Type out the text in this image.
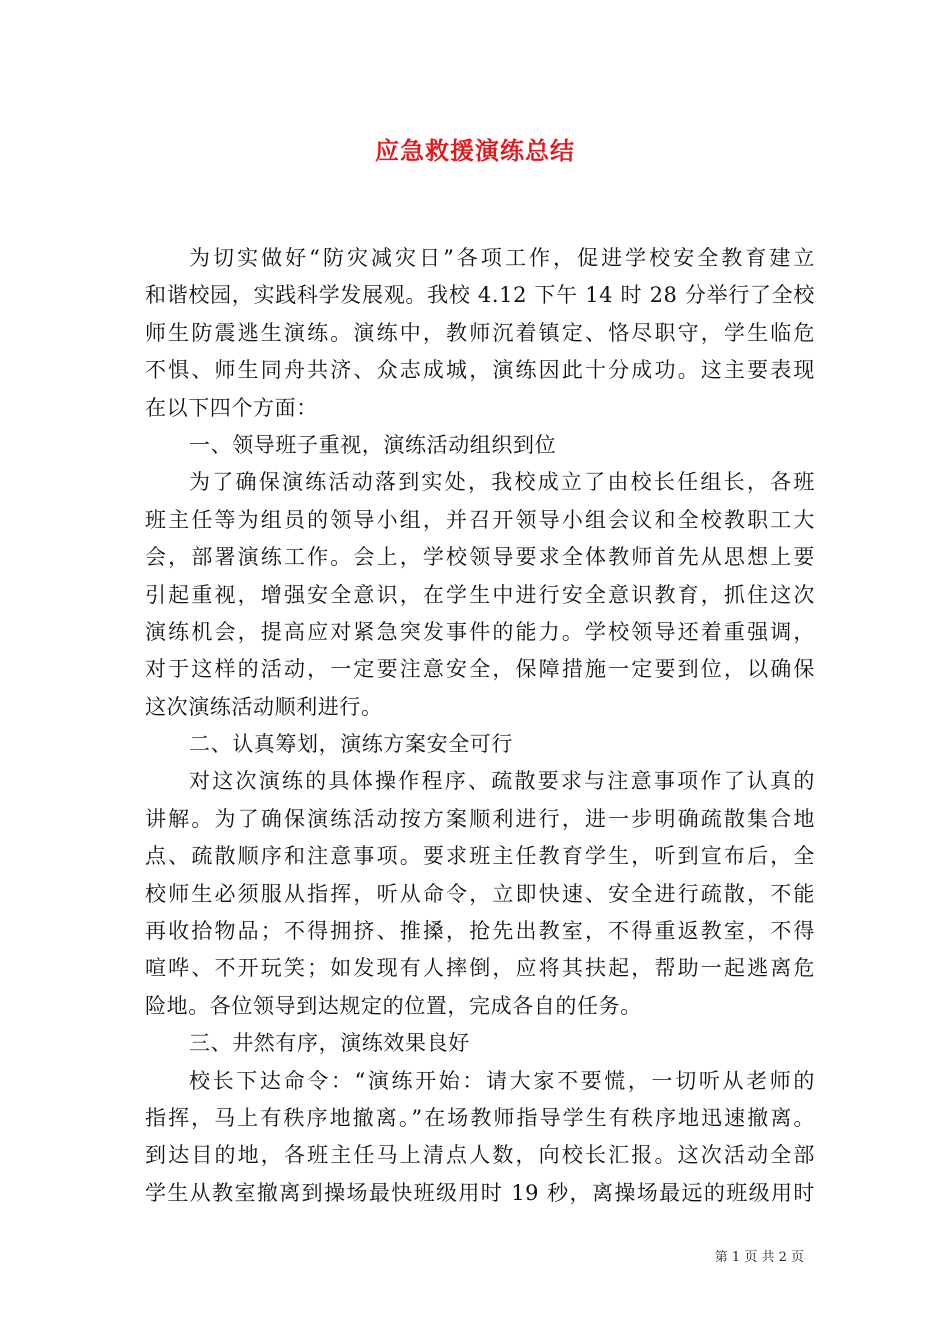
应急救援演练总结
为切实做好“防灾减灾日”各项工作，促进学校安全教育建立
和谐校园，实践科学发展观。我校 4.12 下午 14 时 28 分举行了全校
师生防震逃生演练。演练中，教师沉着镇定、恪尽职守，学生临危
不惧、师生同舟共济、众志成城，演练因此十分成功。这主要表现
在以下四个方面：
一、领导班子重视，演练活动组织到位
为了确保演练活动落到实处，我校成立了由校长任组长，各班
班主任等为组员的领导小组，并召开领导小组会议和全校教职工大
会，部署演练工作。会上，学校领导要求全体教师首先从思想上要
引起重视，增强安全意识，在学生中进行安全意识教育，抓住这次
演练机会，提高应对紧急突发事件的能力。学校领导还着重强调，
对于这样的活动，一定要注意安全，保障措施一定要到位，以确保
这次演练活动顺利进行。
二、认真筹划，演练方案安全可行
对这次演练的具体操作程序、疏散要求与注意事项作了认真的
讲解。为了确保演练活动按方案顺利进行，进一步明确疏散集合地
点、疏散顺序和注意事项。要求班主任教育学生，听到宣布后，全
校师生必须服从指挥，听从命令，立即快速、安全进行疏散，不能
再收拾物品；不得拥挤、推搡，抢先出教室，不得重返教室，不得
喧哗、不开玩笑；如发现有人摔倒，应将其扶起，帮助一起逃离危
险地。各位领导到达规定的位置，完成各自的任务。
三、井然有序，演练效果良好
校长下达命令：“演练开始：请大家不要慌，一切听从老师的
指挥，马上有秩序地撤离。”在场教师指导学生有秩序地迅速撤离。
到达目的地，各班主任马上清点人数，向校长汇报。这次活动全部
学生从教室撤离到操场最快班级用时 19 秒，离操场最远的班级用时
第 1 页 共 2 页
